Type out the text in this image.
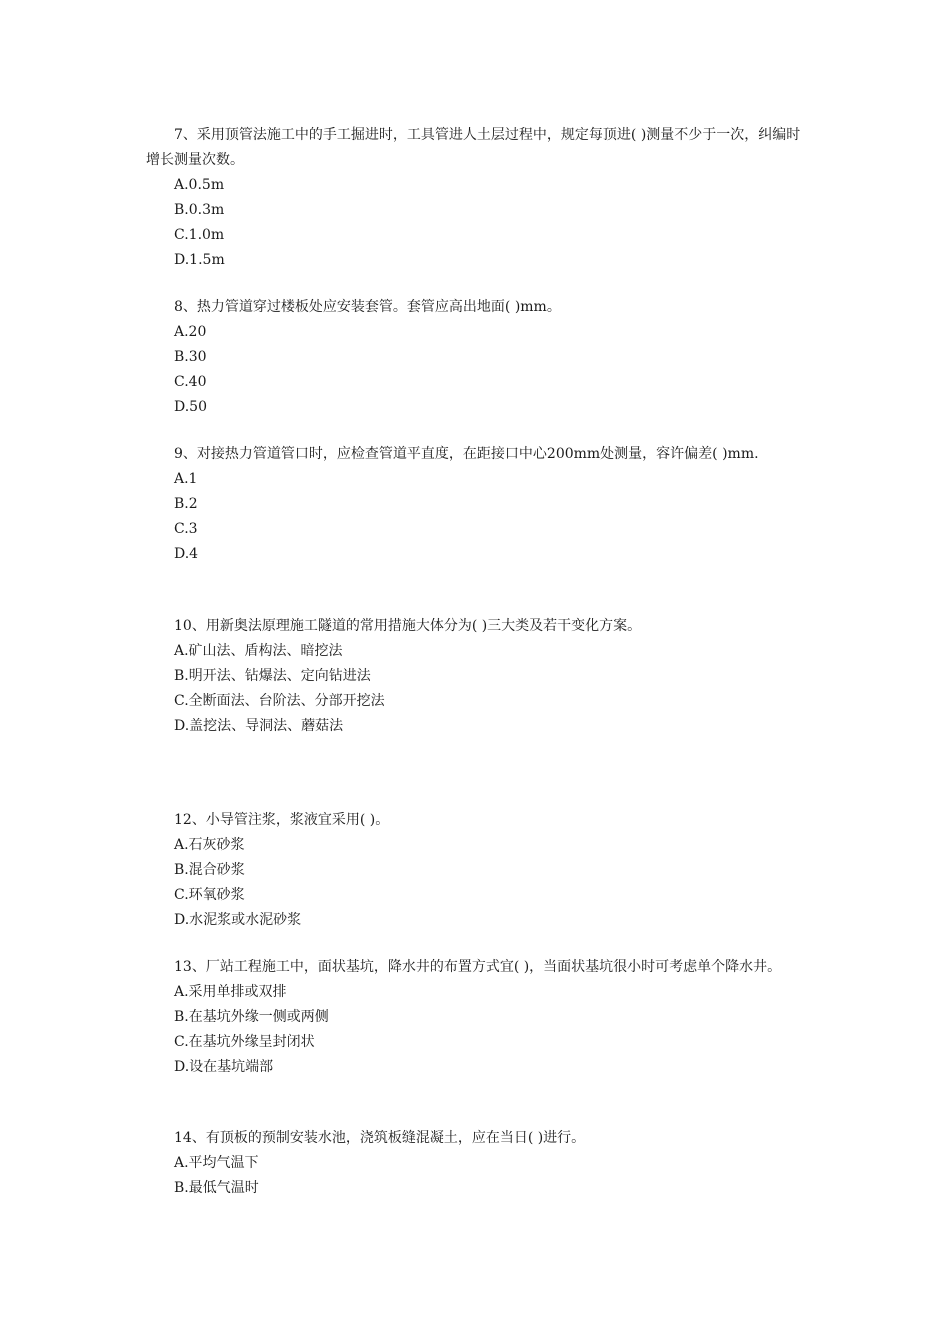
7、采用顶管法施工中的手工掘进时，工具管进人土层过程中，规定每顶进( )测量不少于一次，纠编时增长测量次数。

A.0.5m
B.0.3m
C.1.0m
D.1.5m

8、热力管道穿过楼板处应安装套管。套管应高出地面( )mm。

A.20
B.30
C.40
D.50

9、对接热力管道管口时，应检查管道平直度，在距接口中心200mm处测量，容许偏差( )mm.

A.1
B.2
C.3
D.4

10、用新奥法原理施工隧道的常用措施大体分为( )三大类及若干变化方案。

A.矿山法、盾构法、暗挖法
B.明开法、钻爆法、定向钻进法
C.全断面法、台阶法、分部开挖法
D.盖挖法、导洞法、蘑菇法

12、小导管注浆，浆液宜采用( )。

A.石灰砂浆
B.混合砂浆
C.环氧砂浆
D.水泥浆或水泥砂浆

13、厂站工程施工中，面状基坑，降水井的布置方式宜( )，当面状基坑很小时可考虑单个降水井。

A.采用单排或双排
B.在基坑外缘一侧或两侧
C.在基坑外缘呈封闭状
D.设在基坑端部

14、有顶板的预制安装水池，浇筑板缝混凝土，应在当日( )进行。

A.平均气温下
B.最低气温时
